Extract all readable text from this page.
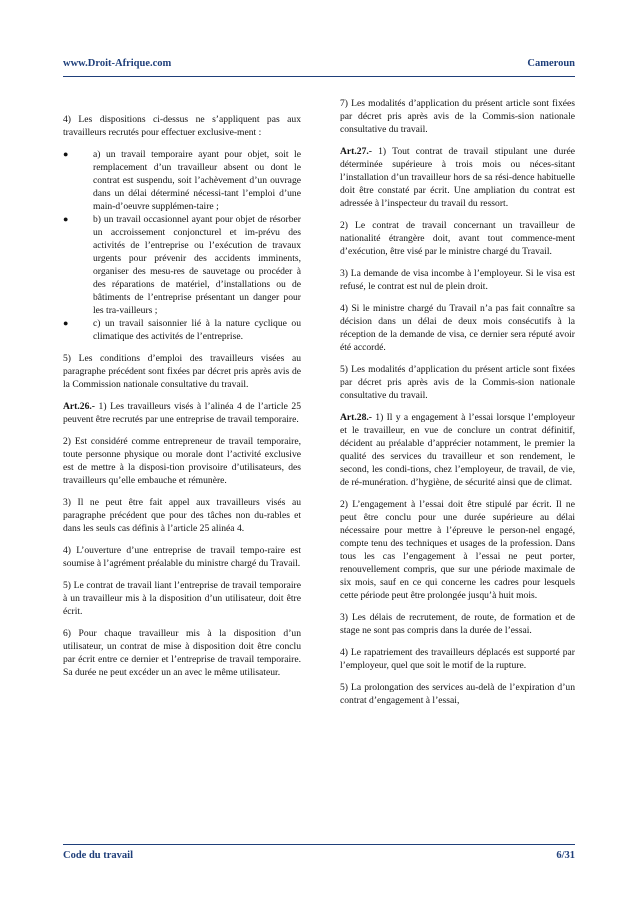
www.Droit-Afrique.com	Cameroun

4) Les dispositions ci-dessus ne s’appliquent pas aux travailleurs recrutés pour effectuer exclusive-ment :

●	a) un travail temporaire ayant pour objet, soit le remplacement d’un travailleur absent ou dont le contrat est suspendu, soit l’achèvement d’un ouvrage dans un délai déterminé nécessi-tant l’emploi d’une main-d’oeuvre supplémen-taire ;
●	b) un travail occasionnel ayant pour objet de résorber un accroissement conjoncturel et im-prévu des activités de l’entreprise ou l’exécution de travaux urgents pour prévenir des accidents imminents, organiser des mesu-res de sauvetage ou procéder à des réparations de matériel, d’installations ou de bâtiments de l’entreprise présentant un danger pour les tra-vailleurs ;
●	c) un travail saisonnier lié à la nature cyclique ou climatique des activités de l’entreprise.

5) Les conditions d’emploi des travailleurs visées au paragraphe précédent sont fixées par décret pris après avis de la Commission nationale consultative du travail.

Art.26.- 1) Les travailleurs visés à l’alinéa 4 de l’article 25 peuvent être recrutés par une entreprise de travail temporaire.

2) Est considéré comme entrepreneur de travail temporaire, toute personne physique ou morale dont l’activité exclusive est de mettre à la disposi-tion provisoire d’utilisateurs, des travailleurs qu’elle embauche et rémunère.

3) Il ne peut être fait appel aux travailleurs visés au paragraphe précédent que pour des tâches non du-rables et dans les seuls cas définis à l’article 25 alinéa 4.

4) L’ouverture d’une entreprise de travail tempo-raire est soumise à l’agrément préalable du ministre chargé du Travail.

5) Le contrat de travail liant l’entreprise de travail temporaire à un travailleur mis à la disposition d’un utilisateur, doit être écrit.

6) Pour chaque travailleur mis à la disposition d’un utilisateur, un contrat de mise à disposition doit être conclu par écrit entre ce dernier et l’entreprise de travail temporaire. Sa durée ne peut excéder un an avec le même utilisateur.

7) Les modalités d’application du présent article sont fixées par décret pris après avis de la Commis-sion nationale consultative du travail.

Art.27.- 1) Tout contrat de travail stipulant une durée déterminée supérieure à trois mois ou néces-sitant l’installation d’un travailleur hors de sa rési-dence habituelle doit être constaté par écrit. Une ampliation du contrat est adressée à l’inspecteur du travail du ressort.

2) Le contrat de travail concernant un travailleur de nationalité étrangère doit, avant tout commence-ment d’exécution, être visé par le ministre chargé du Travail.

3) La demande de visa incombe à l’employeur. Si le visa est refusé, le contrat est nul de plein droit.

4) Si le ministre chargé du Travail n’a pas fait connaître sa décision dans un délai de deux mois consécutifs à la réception de la demande de visa, ce dernier sera réputé avoir été accordé.

5) Les modalités d’application du présent article sont fixées par décret pris après avis de la Commis-sion nationale consultative du travail.

Art.28.- 1) Il y a engagement à l’essai lorsque l’employeur et le travailleur, en vue de conclure un contrat définitif, décident au préalable d’apprécier notamment, le premier la qualité des services du travailleur et son rendement, le second, les condi-tions, chez l’employeur, de travail, de vie, de ré-munération. d’hygiène, de sécurité ainsi que de climat.

2) L’engagement à l’essai doit être stipulé par écrit. Il ne peut être conclu pour une durée supérieure au délai nécessaire pour mettre à l’épreuve le person-nel engagé, compte tenu des techniques et usages de la profession. Dans tous les cas l’engagement à l’essai ne peut porter, renouvellement compris, que sur une période maximale de six mois, sauf en ce qui concerne les cadres pour lesquels cette période peut être prolongée jusqu’à huit mois.

3) Les délais de recrutement, de route, de formation et de stage ne sont pas compris dans la durée de l’essai.

4) Le rapatriement des travailleurs déplacés est supporté par l’employeur, quel que soit le motif de la rupture.

5) La prolongation des services au-delà de l’expiration d’un contrat d’engagement à l’essai,

Code du travail	6/31
